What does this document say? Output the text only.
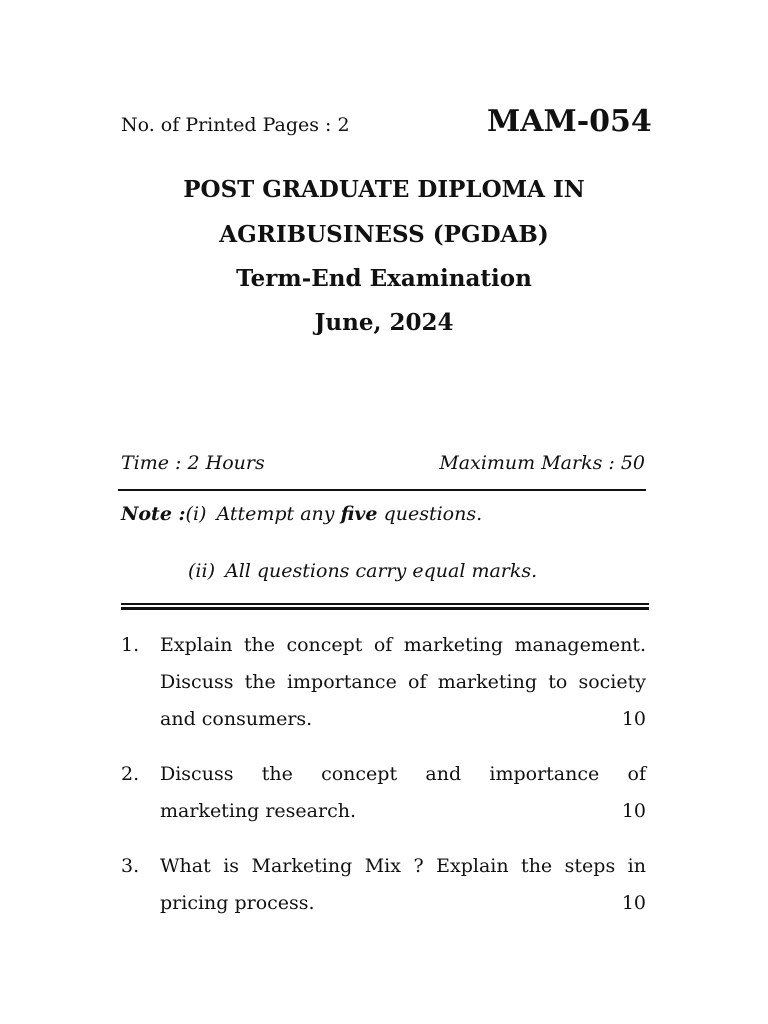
No. of Printed Pages : 2	MAM-054
POST GRADUATE DIPLOMA IN
AGRIBUSINESS (PGDAB)
Term-End Examination
June, 2024
Time : 2 Hours	Maximum Marks : 50
Note :(i) Attempt any five questions.
(ii) All questions carry equal marks.
1. Explain the concept of marketing management.
Discuss the importance of marketing to society
and consumers.	10
2. Discuss the concept and importance of
marketing research.	10
3. What is Marketing Mix ? Explain the steps in
pricing process.	10
